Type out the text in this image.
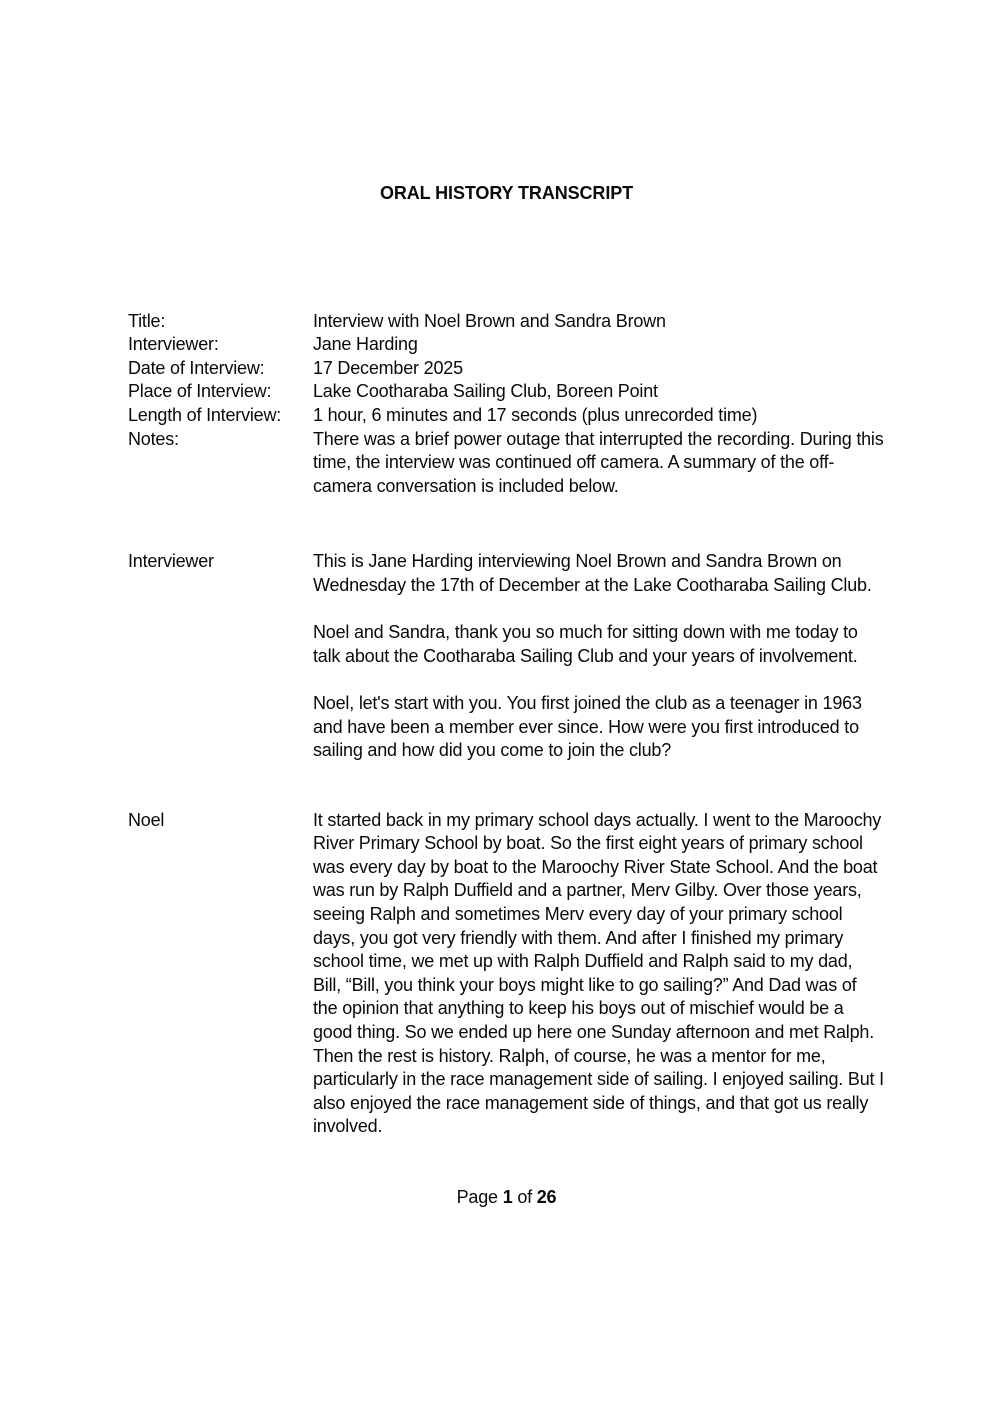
ORAL HISTORY TRANSCRIPT
Title:	Interview with Noel Brown and Sandra Brown
Interviewer:	Jane Harding
Date of Interview:	17 December 2025
Place of Interview:	Lake Cootharaba Sailing Club, Boreen Point
Length of Interview:	1 hour, 6 minutes and 17 seconds (plus unrecorded time)
Notes:	There was a brief power outage that interrupted the recording. During this time, the interview was continued off camera. A summary of the off-camera conversation is included below.
Interviewer	This is Jane Harding interviewing Noel Brown and Sandra Brown on Wednesday the 17th of December at the Lake Cootharaba Sailing Club.

Noel and Sandra, thank you so much for sitting down with me today to talk about the Cootharaba Sailing Club and your years of involvement.

Noel, let's start with you. You first joined the club as a teenager in 1963 and have been a member ever since. How were you first introduced to sailing and how did you come to join the club?

Noel	It started back in my primary school days actually. I went to the Maroochy River Primary School by boat. So the first eight years of primary school was every day by boat to the Maroochy River State School. And the boat was run by Ralph Duffield and a partner, Merv Gilby. Over those years, seeing Ralph and sometimes Merv every day of your primary school days, you got very friendly with them. And after I finished my primary school time, we met up with Ralph Duffield and Ralph said to my dad, Bill, “Bill, you think your boys might like to go sailing?” And Dad was of the opinion that anything to keep his boys out of mischief would be a good thing. So we ended up here one Sunday afternoon and met Ralph. Then the rest is history. Ralph, of course, he was a mentor for me, particularly in the race management side of sailing. I enjoyed sailing. But I also enjoyed the race management side of things, and that got us really involved.

Page 1 of 26
